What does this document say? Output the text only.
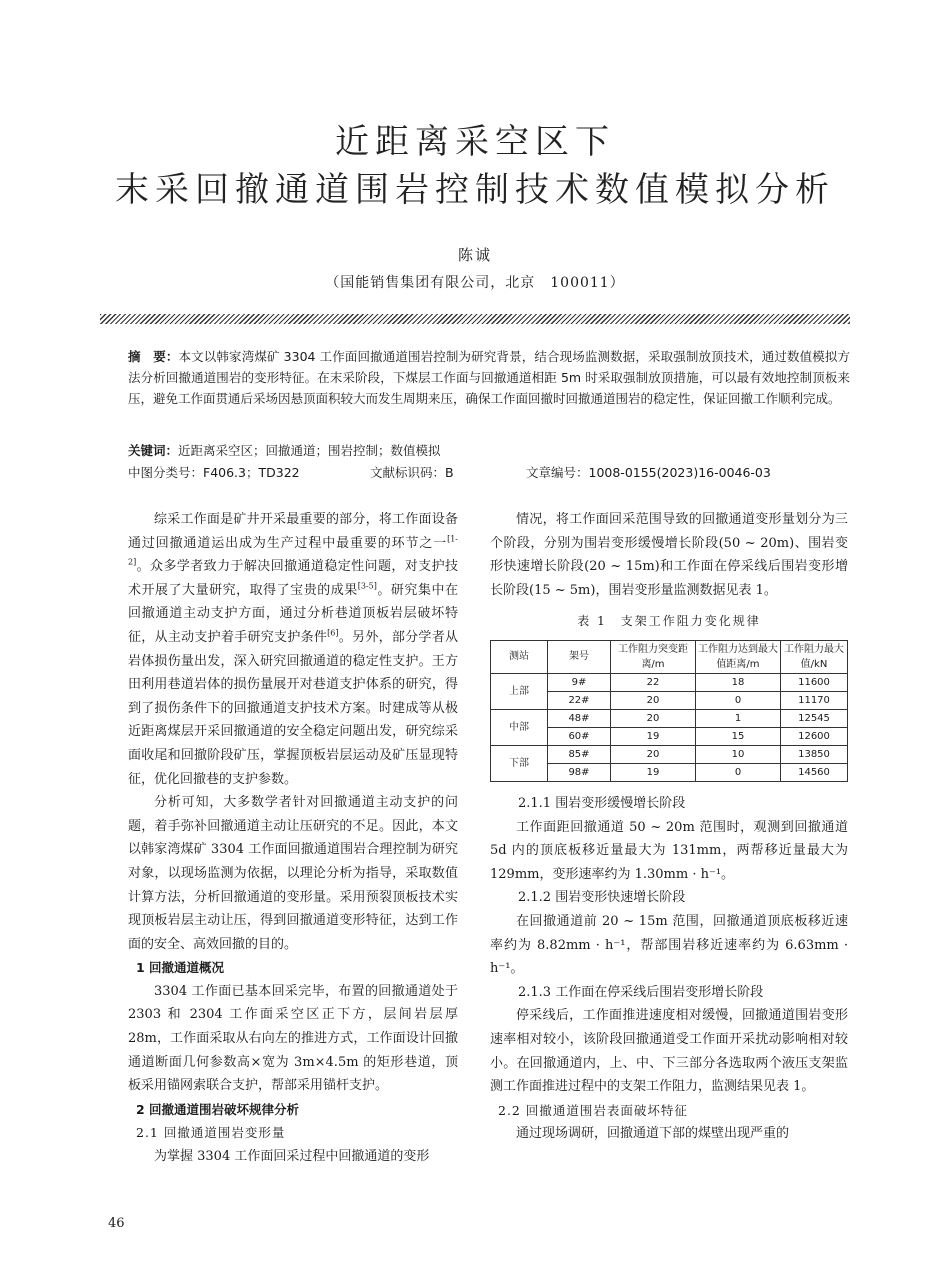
近距离采空区下
末采回撤通道围岩控制技术数值模拟分析
陈诚
（国能销售集团有限公司，北京　100011）

摘　要：本文以韩家湾煤矿 3304 工作面回撤通道围岩控制为研究背景，结合现场监测数据，采取强制放顶技术，通过数值模拟方法分析回撤通道围岩的变形特征。在末采阶段，下煤层工作面与回撤通道相距 5m 时采取强制放顶措施，可以最有效地控制顶板来压，避免工作面贯通后采场因悬顶面积较大而发生周期来压，确保工作面回撤时回撤通道围岩的稳定性，保证回撤工作顺利完成。

关键词：近距离采空区；回撤通道；围岩控制；数值模拟
中图分类号：F406.3；TD322	文献标识码：B	文章编号：1008-0155(2023)16-0046-03

综采工作面是矿井开采最重要的部分，将工作面设备通过回撤通道运出成为生产过程中最重要的环节之一[1-2]。众多学者致力于解决回撤通道稳定性问题，对支护技术开展了大量研究，取得了宝贵的成果[3-5]。研究集中在回撤通道主动支护方面，通过分析巷道顶板岩层破坏特征，从主动支护着手研究支护条件[6]。另外，部分学者从岩体损伤量出发，深入研究回撤通道的稳定性支护。王方田利用巷道岩体的损伤量展开对巷道支护体系的研究，得到了损伤条件下的回撤通道支护技术方案。时建成等从极近距离煤层开采回撤通道的安全稳定问题出发，研究综采面收尾和回撤阶段矿压，掌握顶板岩层运动及矿压显现特征，优化回撤巷的支护参数。

分析可知，大多数学者针对回撤通道主动支护的问题，着手弥补回撤通道主动让压研究的不足。因此，本文以韩家湾煤矿 3304 工作面回撤通道围岩合理控制为研究对象，以现场监测为依据，以理论分析为指导，采取数值计算方法，分析回撤通道的变形量。采用预裂顶板技术实现顶板岩层主动让压，得到回撤通道变形特征，达到工作面的安全、高效回撤的目的。

1 回撤通道概况

3304 工作面已基本回采完毕，布置的回撤通道处于 2303 和 2304 工作面采空区正下方，层间岩层厚 28m，工作面采取从右向左的推进方式，工作面设计回撤通道断面几何参数高×宽为 3m×4.5m 的矩形巷道，顶板采用锚网索联合支护，帮部采用锚杆支护。

2 回撤通道围岩破坏规律分析

2.1 回撤通道围岩变形量

为掌握 3304 工作面回采过程中回撤通道的变形

情况，将工作面回采范围导致的回撤通道变形量划分为三个阶段，分别为围岩变形缓慢增长阶段(50 ~ 20m)、围岩变形快速增长阶段(20 ~ 15m)和工作面在停采线后围岩变形增长阶段(15 ~ 5m)，围岩变形量监测数据见表 1。

表 1　支架工作阻力变化规律
测站	架号	工作阻力突变距离/m	工作阻力达到最大值距离/m	工作阻力最大值/kN
上部	9#	22	18	11600
	22#	20	0	11170
中部	48#	20	1	12545
	60#	19	15	12600
下部	85#	20	10	13850
	98#	19	0	14560

2.1.1 围岩变形缓慢增长阶段

工作面距回撤通道 50 ~ 20m 范围时，观测到回撤通道 5d 内的顶底板移近量最大为 131mm，两帮移近量最大为 129mm，变形速率约为 1.30mm · h⁻¹。

2.1.2 围岩变形快速增长阶段

在回撤通道前 20 ~ 15m 范围，回撤通道顶底板移近速率约为 8.82mm · h⁻¹，帮部围岩移近速率约为 6.63mm · h⁻¹。

2.1.3 工作面在停采线后围岩变形增长阶段

停采线后，工作面推进速度相对缓慢，回撤通道围岩变形速率相对较小，该阶段回撤通道受工作面开采扰动影响相对较小。在回撤通道内，上、中、下三部分各选取两个液压支架监测工作面推进过程中的支架工作阻力，监测结果见表 1。

2.2 回撤通道围岩表面破坏特征

通过现场调研，回撤通道下部的煤壁出现严重的

46
